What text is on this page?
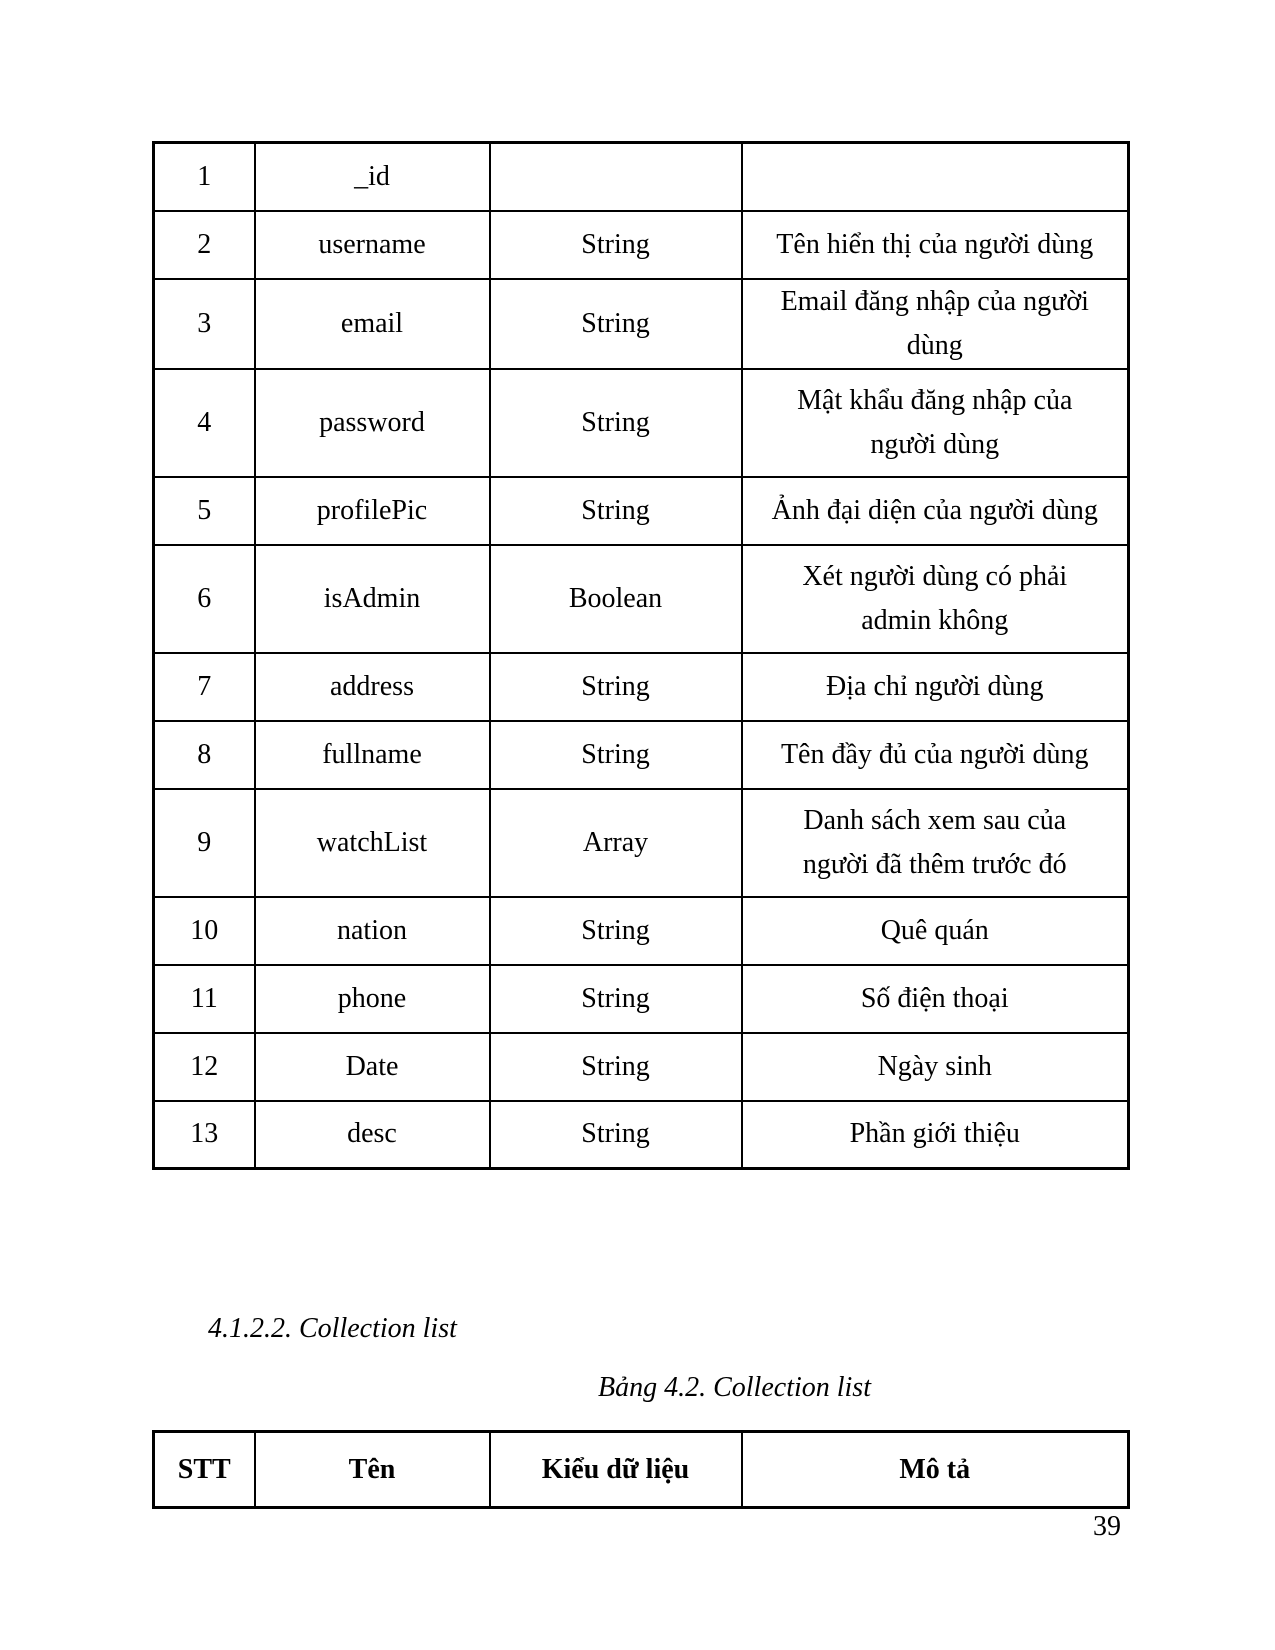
1	_id		
2	username	String	Tên hiển thị của người dùng
3	email	String	Email đăng nhập của người dùng
4	password	String	Mật khẩu đăng nhập của người dùng
5	profilePic	String	Ảnh đại diện của người dùng
6	isAdmin	Boolean	Xét người dùng có phải admin không
7	address	String	Địa chỉ người dùng
8	fullname	String	Tên đầy đủ của người dùng
9	watchList	Array	Danh sách xem sau của người đã thêm trước đó
10	nation	String	Quê quán
11	phone	String	Số điện thoại
12	Date	String	Ngày sinh
13	desc	String	Phần giới thiệu
4.1.2.2. Collection list
Bảng 4.2. Collection list
STT	Tên	Kiểu dữ liệu	Mô tả
39
